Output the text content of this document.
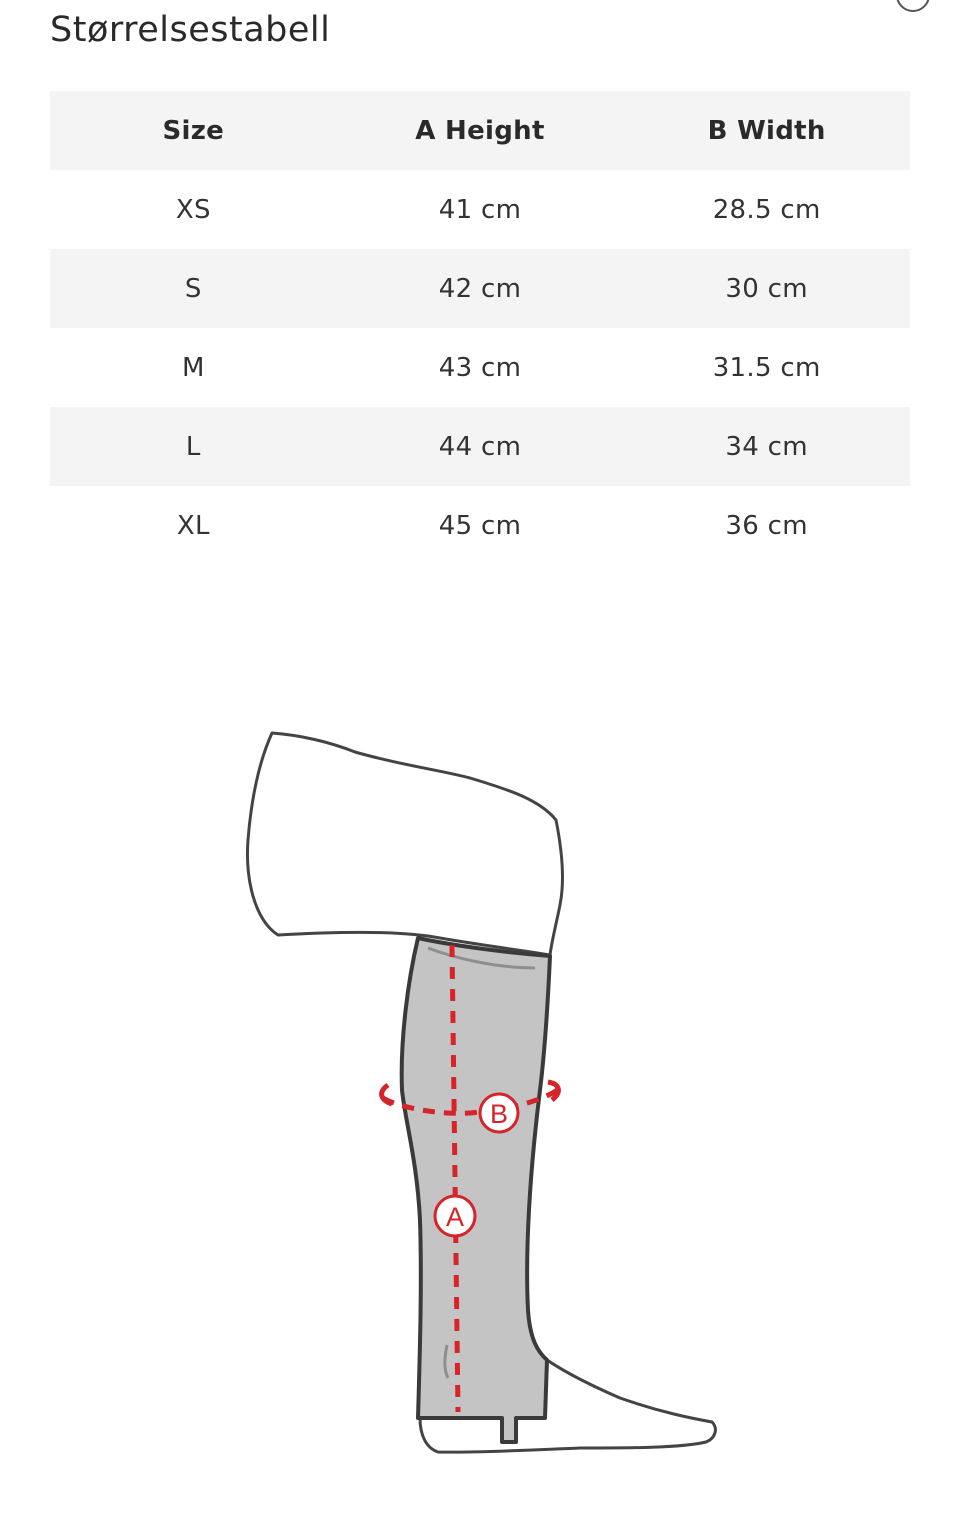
Størrelsestabell
Size	A Height	B Width
XS	41 cm	28.5 cm
S	42 cm	30 cm
M	43 cm	31.5 cm
L	44 cm	34 cm
XL	45 cm	36 cm
B
A
